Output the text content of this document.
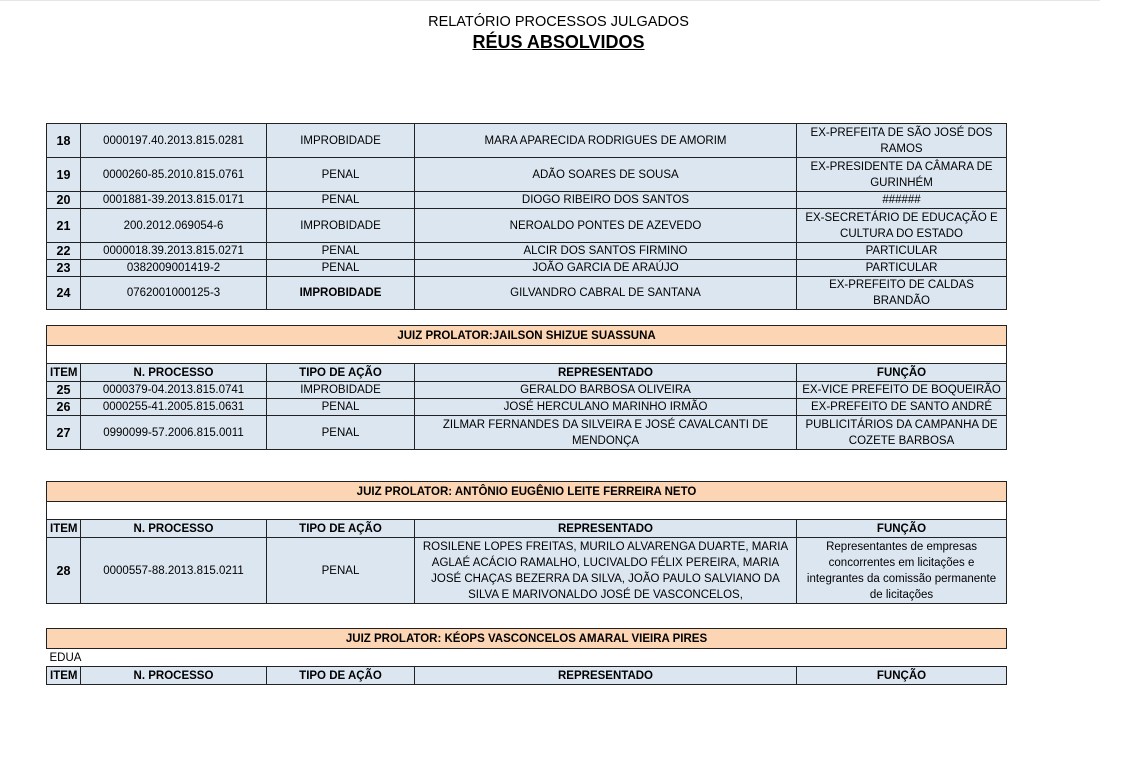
RELATÓRIO PROCESSOS JULGADOS
RÉUS ABSOLVIDOS
18	0000197.40.2013.815.0281	IMPROBIDADE	MARA APARECIDA RODRIGUES DE AMORIM	EX-PREFEITA DE SÃO JOSÉ DOS RAMOS
19	0000260-85.2010.815.0761	PENAL	ADÃO SOARES DE SOUSA	EX-PRESIDENTE DA CÂMARA DE GURINHÉM
20	0001881-39.2013.815.0171	PENAL	DIOGO RIBEIRO DOS SANTOS	######
21	200.2012.069054-6	IMPROBIDADE	NEROALDO PONTES DE AZEVEDO	EX-SECRETÁRIO DE EDUCAÇÃO E CULTURA DO ESTADO
22	0000018.39.2013.815.0271	PENAL	ALCIR DOS SANTOS FIRMINO	PARTICULAR
23	0382009001419-2	PENAL	JOÃO GARCIA DE ARAÚJO	PARTICULAR
24	0762001000125-3	IMPROBIDADE	GILVANDRO CABRAL DE SANTANA	EX-PREFEITO DE CALDAS BRANDÃO
JUIZ PROLATOR:JAILSON SHIZUE SUASSUNA				

ITEM	N. PROCESSO	TIPO DE AÇÃO	REPRESENTADO	FUNÇÃO
25	0000379-04.2013.815.0741	IMPROBIDADE	GERALDO BARBOSA OLIVEIRA	EX-VICE PREFEITO DE BOQUEIRÃO
26	0000255-41.2005.815.0631	PENAL	JOSÉ HERCULANO MARINHO IRMÃO	EX-PREFEITO DE SANTO ANDRÉ
27	0990099-57.2006.815.0011	PENAL	ZILMAR FERNANDES DA SILVEIRA E JOSÉ CAVALCANTI DE MENDONÇA	PUBLICITÁRIOS DA CAMPANHA DE COZETE BARBOSA
JUIZ PROLATOR: ANTÔNIO EUGÊNIO LEITE FERREIRA NETO				

ITEM	N. PROCESSO	TIPO DE AÇÃO	REPRESENTADO	FUNÇÃO
28	0000557-88.2013.815.0211	PENAL	ROSILENE LOPES FREITAS, MURILO ALVARENGA DUARTE, MARIA AGLAÉ ACÁCIO RAMALHO, LUCIVALDO FÉLIX PEREIRA, MARIA JOSÉ CHAÇAS BEZERRA DA SILVA, JOÃO PAULO SALVIANO DA SILVA E MARIVONALDO JOSÉ DE VASCONCELOS,	Representantes de empresas concorrentes em licitações e integrantes da comissão permanente de licitações
JUIZ PROLATOR: KÉOPS VASCONCELOS AMARAL VIEIRA PIRES
EDUA
ITEM	N. PROCESSO	TIPO DE AÇÃO	REPRESENTADO	FUNÇÃO
